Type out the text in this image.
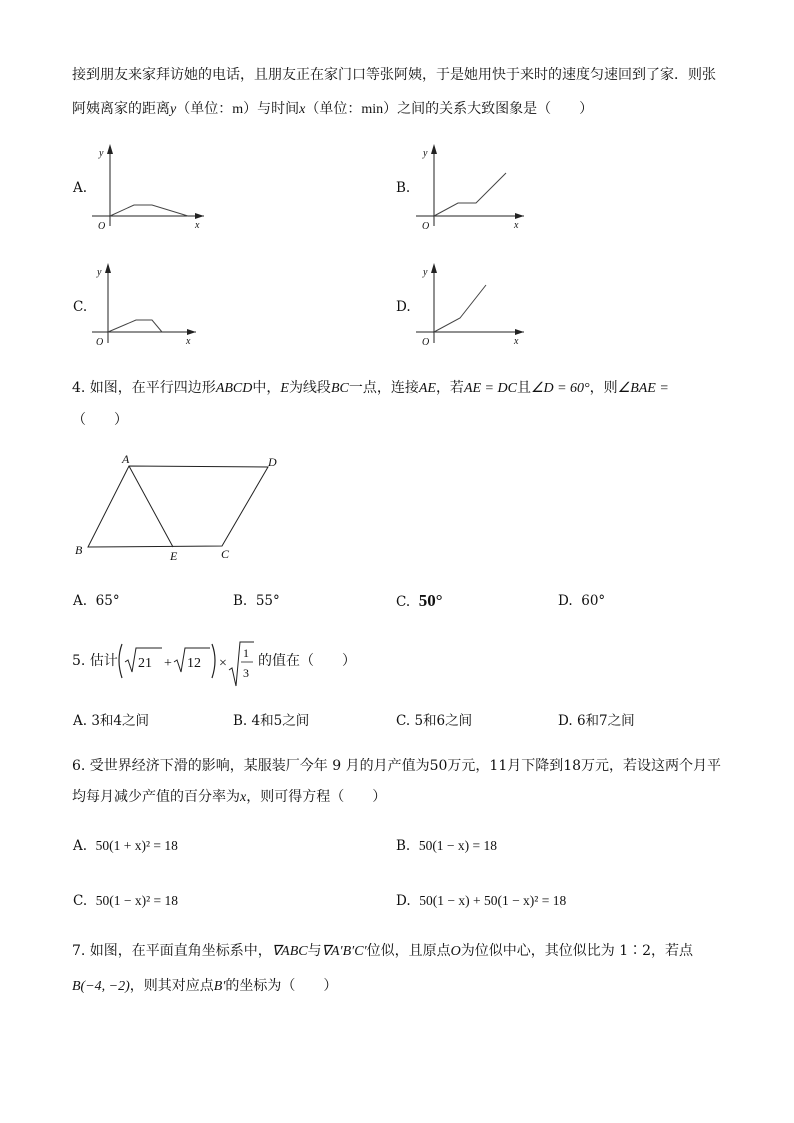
接到朋友来家拜访她的电话，且朋友正在家门口等张阿姨，于是她用快于来时的速度匀速回到了家．则张
阿姨离家的距离y（单位：m）与时间x（单位：min）之间的关系大致图象是（　　）
A.	B.
C.	D.
y
x
O
y
x
O
y
x
O
y
x
O
4. 如图，在平行四边形ABCD中，E为线段BC一点，连接AE，若AE = DC且∠D = 60°，则∠BAE =
（　　）
A	D
B	E	C
A. 65°	B. 55°	C. 50°	D. 60°
5. 估计 21 + 12 ×
1
3
的值在（　　）
A. 3和4之间	B. 4和5之间	C. 5和6之间	D. 6和7之间
6. 受世界经济下滑的影响，某服装厂今年 9 月的月产值为50万元，11月下降到18万元，若设这两个月平
均每月减少产值的百分率为x，则可得方程（　　）
A. 50(1 + x)² = 18	B. 50(1 − x) = 18
C. 50(1 − x)² = 18	D. 50(1 − x) + 50(1 − x)² = 18
7. 如图，在平面直角坐标系中，∇ABC与∇A′B′C′位似，且原点O为位似中心，其位似比为 1∶2，若点
B(−4, −2)，则其对应点B′的坐标为（　　）
